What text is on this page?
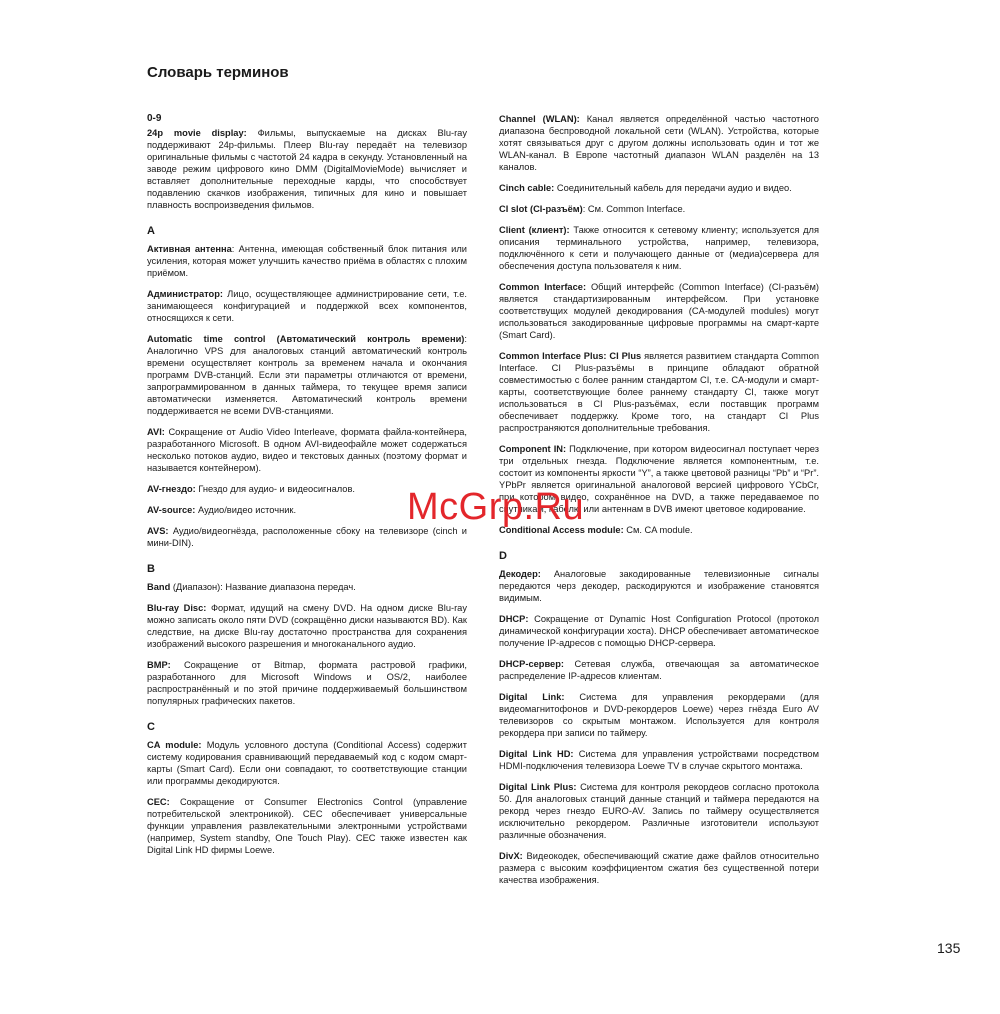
Словарь терминов
0-9

24p movie display: Фильмы, выпускаемые на дисках Blu-ray поддерживают 24p-фильмы. Плеер Blu-ray передаёт на телевизор оригинальные фильмы с частотой 24 кадра в секунду. Установленный на заводе режим цифрового кино DMM (DigitalMovieMode) вычисляет и вставляет дополнительные переходные карды, что способствует подавлению скачков изображения, типичных для кино и повышает плавность воспроизведения фильмов.

A

Активная антенна: Антенна, имеющая собственный блок питания или усиления, которая может улучшить качество приёма в областях с плохим приёмом.

Администратор: Лицо, осуществляющее администрирование сети, т.е. занимающееся конфигурацией и поддержкой всех компонентов, относящихся к сети.

Automatic time control (Автоматический контроль времени): Аналогично VPS для аналоговых станций автоматический контроль времени осуществляет контроль за временем начала и окончания программ DVB-станций. Если эти параметры отличаются от времени, запрограммированном в данных таймера, то текущее время записи автоматически изменяется. Автоматический контроль времени поддерживается не всеми DVB-станциями.

AVI: Сокращение от Audio Video Interleave, формата файла-контейнера, разработанного Microsoft. В одном AVI-видеофайле может содержаться несколько потоков аудио, видео и текстовых данных (поэтому формат и называется контейнером).

AV-гнездо: Гнездо для аудио- и видеосигналов.

AV-source: Аудио/видео источник.

AVS: Аудио/видеогнёзда, расположенные сбоку на телевизоре (cinch и мини-DIN).

B

Band (Диапазон): Название диапазона передач.

Blu-ray Disc: Формат, идущий на смену DVD. На одном диске Blu-ray можно записать около пяти DVD (сокращённо диски называются BD). Как следствие, на диске Blu-ray достаточно пространства для сохранения изображений высокого разрешения и многоканального аудио.

BMP: Сокращение от Bitmap, формата растровой графики, разработанного для Microsoft Windows и OS/2, наиболее распространённый и по этой причине поддерживаемый большинством популярных графических пакетов.

C

CA module: Модуль условного доступа (Conditional Access) содержит систему кодирования сравнивающий передаваемый код с кодом смарт-карты (Smart Card). Если они совпадают, то соответствующие станции или программы декодируются.

CEC: Сокращение от Consumer Electronics Control (управление потребительской электроникой). CEC обеспечивает универсальные функции управления развлекательными электронными устройствами (например, System standby, One Touch Play). CEC также известен как Digital Link HD фирмы Loewe.

Channel (WLAN): Канал является определённой частью частотного диапазона беспроводной локальной сети (WLAN). Устройства, которые хотят связываться друг с другом должны использовать один и тот же WLAN-канал. В Европе частотный диапазон WLAN разделён на 13 каналов.

Cinch cable: Соединительный кабель для передачи аудио и видео.

CI slot (CI-разъём): См. Common Interface.

Client (клиент): Также относится к сетевому клиенту; используется для описания терминального устройства, например, телевизора, подключённого к сети и получающего данные от (медиа)сервера для обеспечения доступа пользователя к ним.

Common Interface: Общий интерфейс (Common Interface) (CI-разъём) является стандартизированным интерфейсом. При установке соответствущих модулей декодирования (CA-модулей modules) могут использоваться закодированные цифровые программы на смарт-карте (Smart Card).

Common Interface Plus: CI Plus является развитием стандарта Common Interface. CI Plus-разъёмы в принципе обладают обратной совместимостью с более ранним стандартом CI, т.е. CA-модули и смарт-карты, соответствующие более раннему стандарту CI, также могут использоваться в CI Plus-разъёмах, если поставщик программ обеспечивает поддержку. Кроме того, на стандарт CI Plus распространяются дополнительные требования.

Component IN: Подключение, при котором видеосигнал поступает через три отдельных гнезда. Подключение является компонентным, т.е. состоит из компоненты яркости “Y”, а также цветовой разницы “Pb” и “Pr”. YPbPr является оригинальной аналоговой версией цифрового YCbCr, при котором видео, сохранённое на DVD, а также передаваемое по спутникам, кабелю или антеннам в DVB имеют цветовое кодирование.

Conditional Access module: См. CA module.

D

Декодер: Аналоговые закодированные телевизионные сигналы передаются черз декодер, раскодируются и изображение становятся видимым.

DHCP: Сокращение от Dynamic Host Configuration Protocol (протокол динамической конфигурации хоста). DHCP обеспечивает автоматическое получение IP-адресов с помощью DHCP-сервера.

DHCP-сервер: Сетевая служба, отвечающая за автоматическое распределение IP-адресов клиентам.

Digital Link: Система для управления рекордерами (для видеомагнитофонов и DVD-рекордеров Loewe) через гнёзда Euro AV телевизоров со скрытым монтажом. Используется для контроля рекордера при записи по таймеру.

Digital Link HD: Система для управления устройствами посредством HDMI-подключения телевизора Loewe TV в случае скрытого монтажа.

Digital Link Plus: Система для контроля рекордеов согласно протокола 50. Для аналоговых станций данные станций и таймера передаются на рекорд через гнездо EURO-AV. Запись по таймеру осуществляется исключительно рекордером. Различные изготовители используют различные обозначения.

DivX: Видеокодек, обеспечивающий сжатие даже файлов относительно размера с высоким коэффициентом сжатия без существенной потери качества изображения.

McGrp.Ru
135
